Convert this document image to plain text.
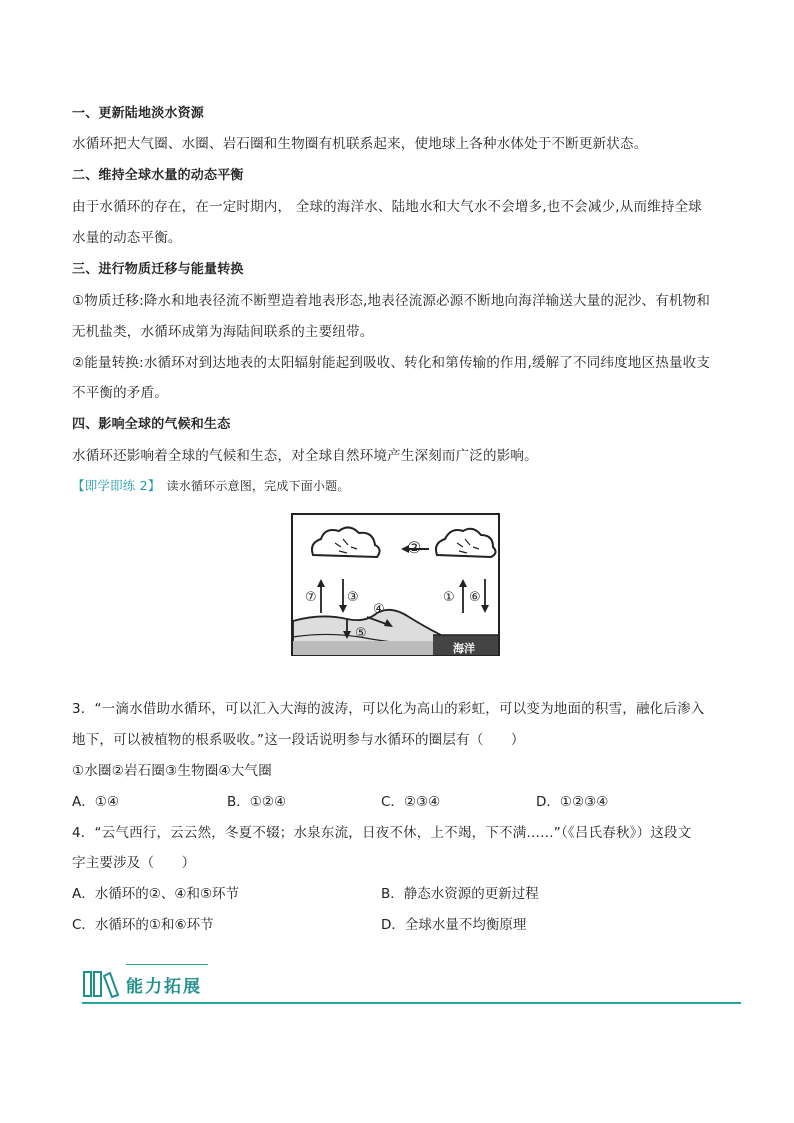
一、更新陆地淡水资源
水循环把大气圈、水圈、岩石圈和生物圈有机联系起来，使地球上各种水体处于不断更新状态。
二、维持全球水量的动态平衡
由于水循环的存在，在一定时期内， 全球的海洋水、陆地水和大气水不会增多,也不会减少,从而维持全球
水量的动态平衡。
三、进行物质迁移与能量转换
①物质迁移:降水和地表径流不断塑造着地表形态,地表径流源必源不断地向海洋输送大量的泥沙、有机物和
无机盐类，水循环成第为海陆间联系的主要纽带。
②能量转换:水循环对到达地表的太阳辐射能起到吸收、转化和第传输的作用,缓解了不同纬度地区热量收支
不平衡的矛盾。
四、影响全球的气候和生态
水循环还影响着全球的气候和生态，对全球自然环境产生深刻而广泛的影响。
【即学即练 2】 读水循环示意图，完成下面小题。
⑦ ③
②
④
⑤
① ⑥
海洋
3．“一滴水借助水循环，可以汇入大海的波涛，可以化为高山的彩虹，可以变为地面的积雪，融化后渗入
地下，可以被植物的根系吸收。”这一段话说明参与水循环的圈层有（　　）
①水圈②岩石圈③生物圈④大气圈
A．①④	B．①②④	C．②③④	D．①②③④
4．“云气西行，云云然，冬夏不辍；水泉东流，日夜不休，上不竭，下不满……”（《吕氏春秋》）这段文
字主要涉及（　　）
A．水循环的②、④和⑤环节	B．静态水资源的更新过程
C．水循环的①和⑥环节	D．全球水量不均衡原理
能力拓展
